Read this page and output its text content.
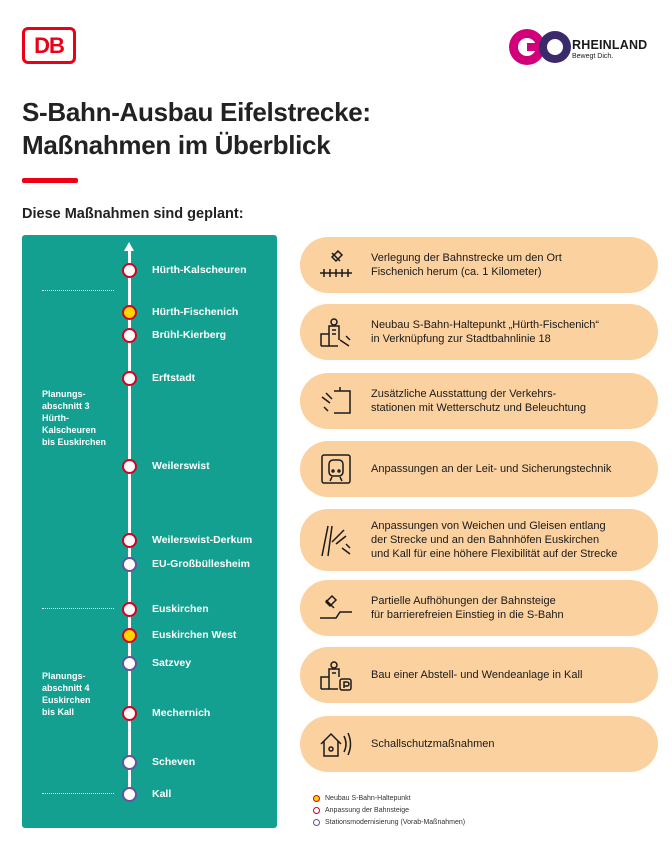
DB	RHEINLAND
Bewegt Dich.
S-Bahn-Ausbau Eifelstrecke:
Maßnahmen im Überblick
Diese Maßnahmen sind geplant:
Planungs-
abschnitt 3
Hürth-
Kalscheuren
bis Euskirchen
Planungs-
abschnitt 4
Euskirchen
bis Kall
Hürth-Kalscheuren
Hürth-Fischenich
Brühl-Kierberg
Erftstadt
Weilerswist
Weilerswist-Derkum
EU-Großbüllesheim
Euskirchen
Euskirchen West
Satzvey
Mechernich
Scheven
Kall
Verlegung der Bahnstrecke um den Ort
Fischenich herum (ca. 1 Kilometer)
Neubau S-Bahn-Haltepunkt „Hürth-Fischenich“
in Verknüpfung zur Stadtbahnlinie 18
Zusätzliche Ausstattung der Verkehrs-
stationen mit Wetterschutz und Beleuchtung
Anpassungen an der Leit- und Sicherungstechnik
Anpassungen von Weichen und Gleisen entlang
der Strecke und an den Bahnhöfen Euskirchen
und Kall für eine höhere Flexibilität auf der Strecke
Partielle Aufhöhungen der Bahnsteige
für barrierefreien Einstieg in die S-Bahn
Bau einer Abstell- und Wendeanlage in Kall
Schallschutzmaßnahmen
Neubau S-Bahn-Haltepunkt
Anpassung der Bahnsteige
Stationsmodernisierung (Vorab-Maßnahmen)
